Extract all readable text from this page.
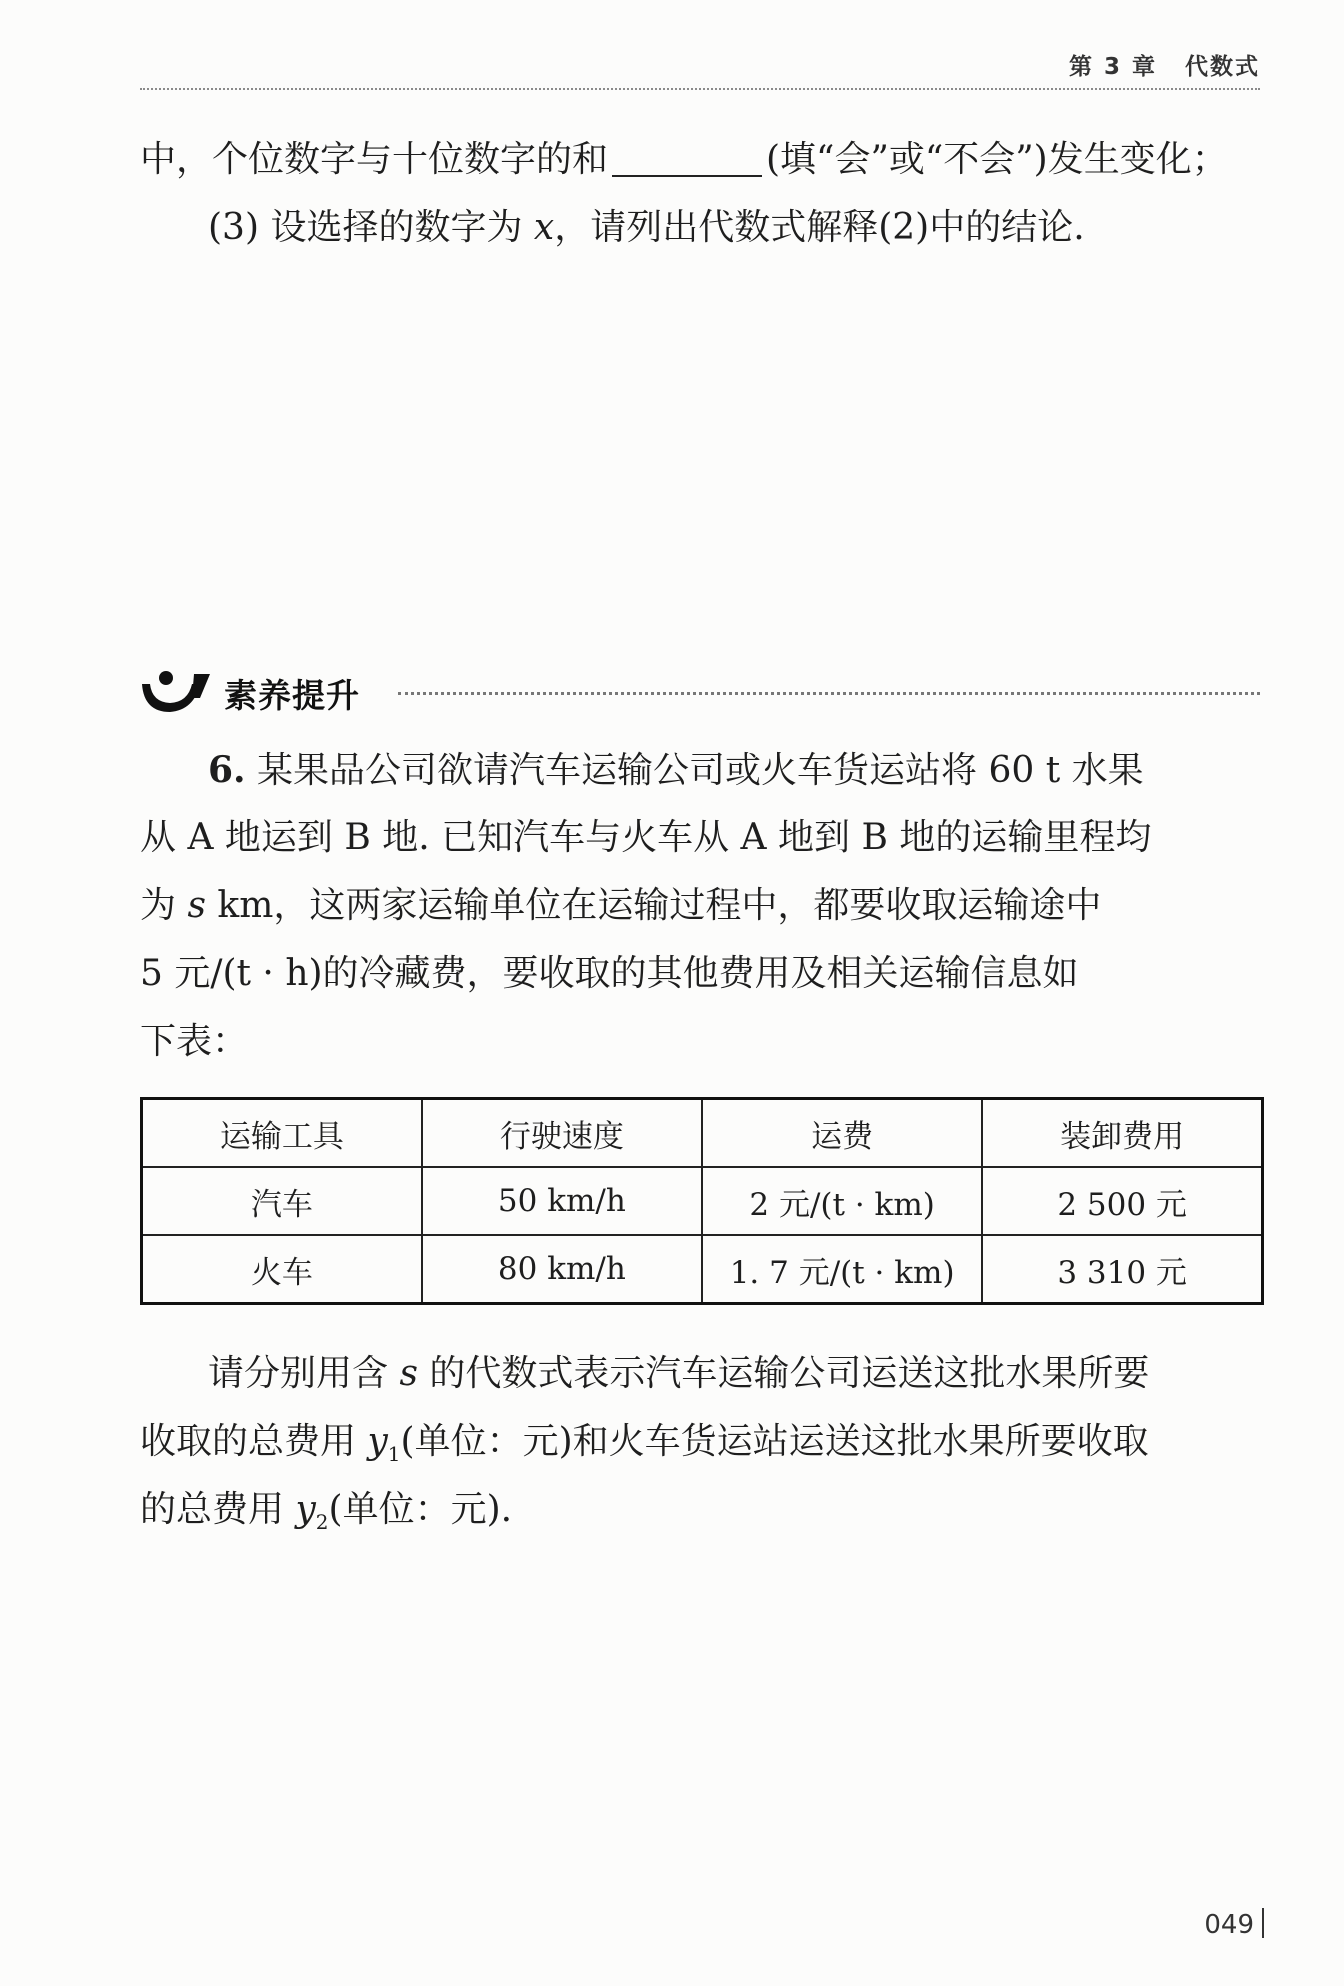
第 3 章 代数式
中，个位数字与十位数字的和	(填“会”或“不会”)发生变化；
(3) 设选择的数字为 x，请列出代数式解释(2)中的结论.
素养提升
6. 某果品公司欲请汽车运输公司或火车货运站将 60 t 水果
从 A 地运到 B 地. 已知汽车与火车从 A 地到 B 地的运输里程均
为 s km，这两家运输单位在运输过程中，都要收取运输途中
5 元/(t · h)的冷藏费，要收取的其他费用及相关运输信息如
下表：
运输工具	行驶速度	运费	装卸费用
汽车	50 km/h	2 元/(t · km)	2 500 元
火车	80 km/h	1. 7 元/(t · km)	3 310 元
请分别用含 s 的代数式表示汽车运输公司运送这批水果所要
收取的总费用 $y_1$(单位：元)和火车货运站运送这批水果所要收取
的总费用 $y_2$(单位：元).
049
